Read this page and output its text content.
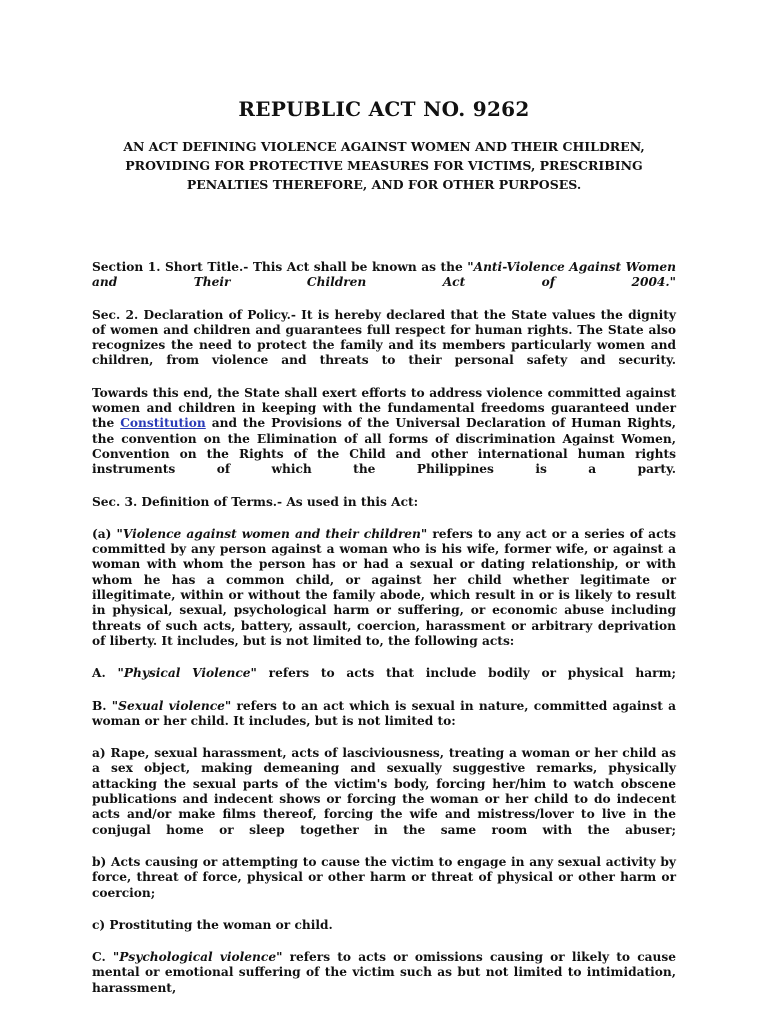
REPUBLIC ACT NO. 9262
AN ACT DEFINING VIOLENCE AGAINST WOMEN AND THEIR CHILDREN, PROVIDING FOR PROTECTIVE MEASURES FOR VICTIMS, PRESCRIBING PENALTIES THEREFORE, AND FOR OTHER PURPOSES.

Section 1. Short Title.- This Act shall be known as the "Anti-Violence Against Women and Their Children Act of 2004."

Sec. 2. Declaration of Policy.- It is hereby declared that the State values the dignity of women and children and guarantees full respect for human rights. The State also recognizes the need to protect the family and its members particularly women and children, from violence and threats to their personal safety and security.

Towards this end, the State shall exert efforts to address violence committed against women and children in keeping with the fundamental freedoms guaranteed under the Constitution and the Provisions of the Universal Declaration of Human Rights, the convention on the Elimination of all forms of discrimination Against Women, Convention on the Rights of the Child and other international human rights instruments of which the Philippines is a party.

Sec. 3. Definition of Terms.- As used in this Act:

(a) "Violence against women and their children" refers to any act or a series of acts committed by any person against a woman who is his wife, former wife, or against a woman with whom the person has or had a sexual or dating relationship, or with whom he has a common child, or against her child whether legitimate or illegitimate, within or without the family abode, which result in or is likely to result in physical, sexual, psychological harm or suffering, or economic abuse including threats of such acts, battery, assault, coercion, harassment or arbitrary deprivation of liberty. It includes, but is not limited to, the following acts:

A. "Physical Violence" refers to acts that include bodily or physical harm;

B. "Sexual violence" refers to an act which is sexual in nature, committed against a woman or her child. It includes, but is not limited to:

a) Rape, sexual harassment, acts of lasciviousness, treating a woman or her child as a sex object, making demeaning and sexually suggestive remarks, physically attacking the sexual parts of the victim's body, forcing her/him to watch obscene publications and indecent shows or forcing the woman or her child to do indecent acts and/or make films thereof, forcing the wife and mistress/lover to live in the conjugal home or sleep together in the same room with the abuser;

b) Acts causing or attempting to cause the victim to engage in any sexual activity by force, threat of force, physical or other harm or threat of physical or other harm or coercion;

c) Prostituting the woman or child.

C. "Psychological violence" refers to acts or omissions causing or likely to cause mental or emotional suffering of the victim such as but not limited to intimidation, harassment,
